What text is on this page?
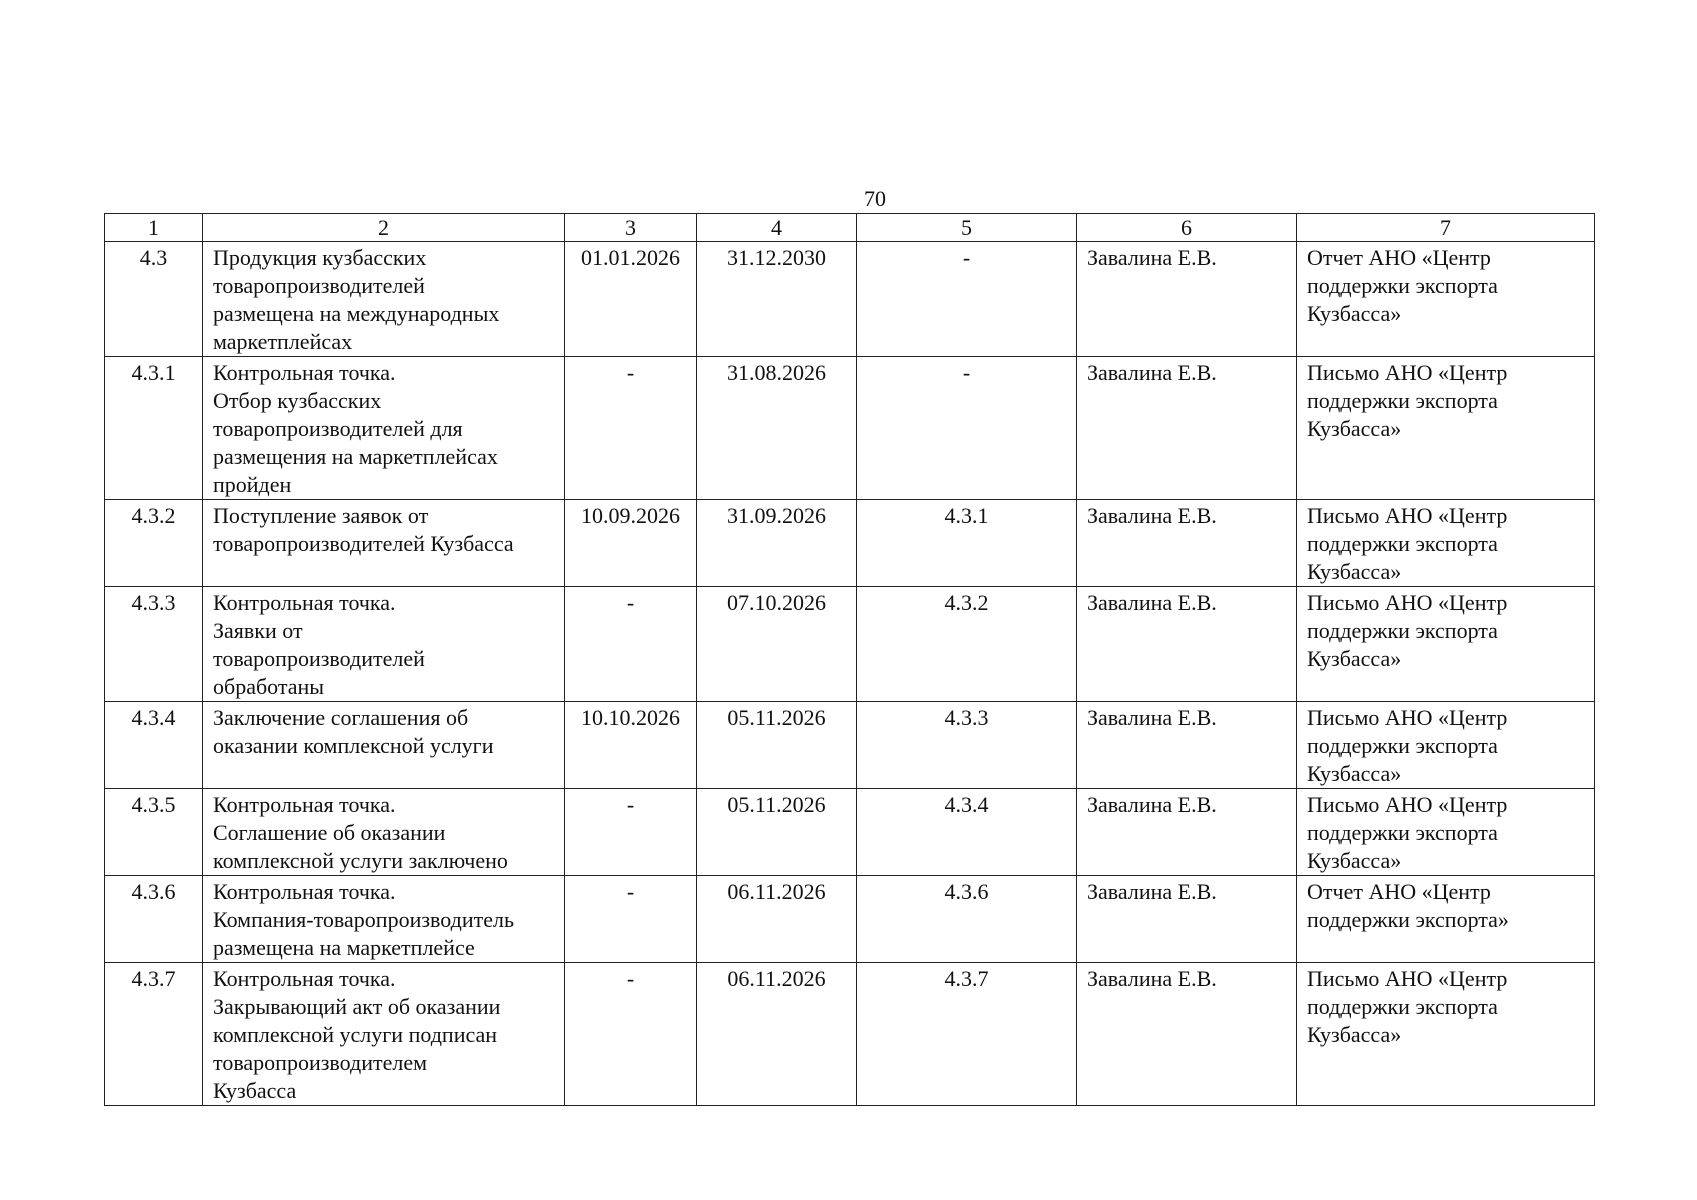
70
1	2	3	4	5	6	7
4.3	Продукция кузбасских
товаропроизводителей
размещена на международных
маркетплейсах	01.01.2026	31.12.2030	-	Завалина Е.В.	Отчет АНО «Центр
поддержки экспорта
Кузбасса»
4.3.1	Контрольная точка.
Отбор кузбасских
товаропроизводителей для
размещения на маркетплейсах
пройден	-	31.08.2026	-	Завалина Е.В.	Письмо АНО «Центр
поддержки экспорта
Кузбасса»
4.3.2	Поступление заявок от
товаропроизводителей Кузбасса	10.09.2026	31.09.2026	4.3.1	Завалина Е.В.	Письмо АНО «Центр
поддержки экспорта
Кузбасса»
4.3.3	Контрольная точка.
Заявки от
товаропроизводителей
обработаны	-	07.10.2026	4.3.2	Завалина Е.В.	Письмо АНО «Центр
поддержки экспорта
Кузбасса»
4.3.4	Заключение соглашения об
оказании комплексной услуги	10.10.2026	05.11.2026	4.3.3	Завалина Е.В.	Письмо АНО «Центр
поддержки экспорта
Кузбасса»
4.3.5	Контрольная точка.
Соглашение об оказании
комплексной услуги заключено	-	05.11.2026	4.3.4	Завалина Е.В.	Письмо АНО «Центр
поддержки экспорта
Кузбасса»
4.3.6	Контрольная точка.
Компания-товаропроизводитель
размещена на маркетплейсе	-	06.11.2026	4.3.6	Завалина Е.В.	Отчет АНО «Центр
поддержки экспорта»
4.3.7	Контрольная точка.
Закрывающий акт об оказании
комплексной услуги подписан
товаропроизводителем
Кузбасса	-	06.11.2026	4.3.7	Завалина Е.В.	Письмо АНО «Центр
поддержки экспорта
Кузбасса»
